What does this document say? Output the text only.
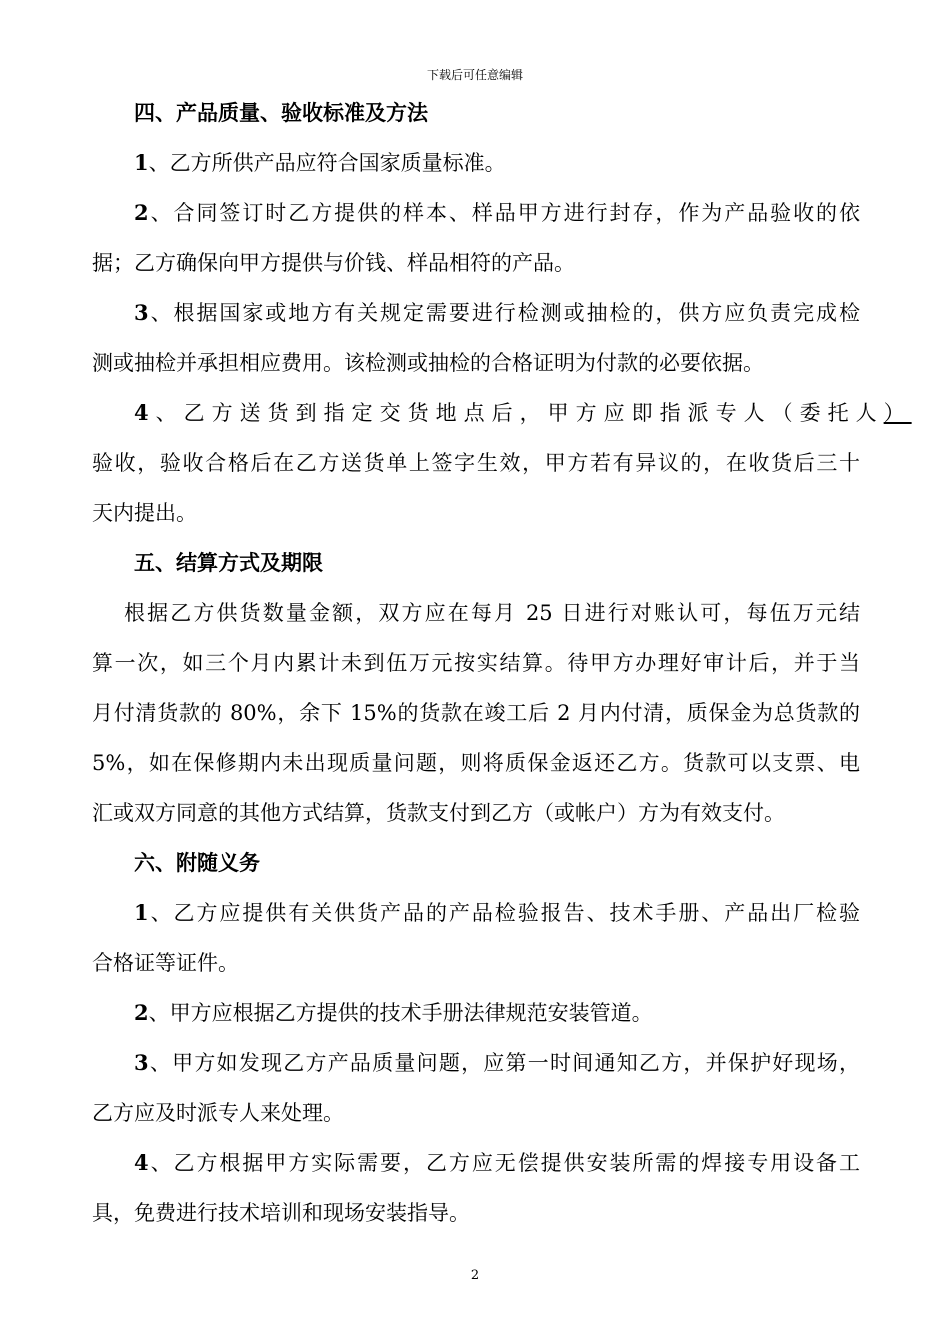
下载后可任意编辑
四、产品质量、验收标准及方法
1、乙方所供产品应符合国家质量标准。
2、合同签订时乙方提供的样本、样品甲方进行封存，作为产品验收的依
据；乙方确保向甲方提供与价钱、样品相符的产品。
3、根据国家或地方有关规定需要进行检测或抽检的，供方应负责完成检
测或抽检并承担相应费用。该检测或抽检的合格证明为付款的必要依据。
4、乙方送货到指定交货地点后，甲方应即指派专人（委托人）
验收，验收合格后在乙方送货单上签字生效，甲方若有异议的，在收货后三十
天内提出。
五、结算方式及期限
根据乙方供货数量金额，双方应在每月 25 日进行对账认可，每伍万元结
算一次，如三个月内累计未到伍万元按实结算。待甲方办理好审计后，并于当
月付清货款的 80%，余下 15%的货款在竣工后 2 月内付清，质保金为总货款的
5%，如在保修期内未出现质量问题，则将质保金返还乙方。货款可以支票、电
汇或双方同意的其他方式结算，货款支付到乙方（或帐户）方为有效支付。
六、附随义务
1、乙方应提供有关供货产品的产品检验报告、技术手册、产品出厂检验
合格证等证件。
2、甲方应根据乙方提供的技术手册法律规范安装管道。
3、甲方如发现乙方产品质量问题，应第一时间通知乙方，并保护好现场，
乙方应及时派专人来处理。
4、乙方根据甲方实际需要，乙方应无偿提供安装所需的焊接专用设备工
具，免费进行技术培训和现场安装指导。
2
